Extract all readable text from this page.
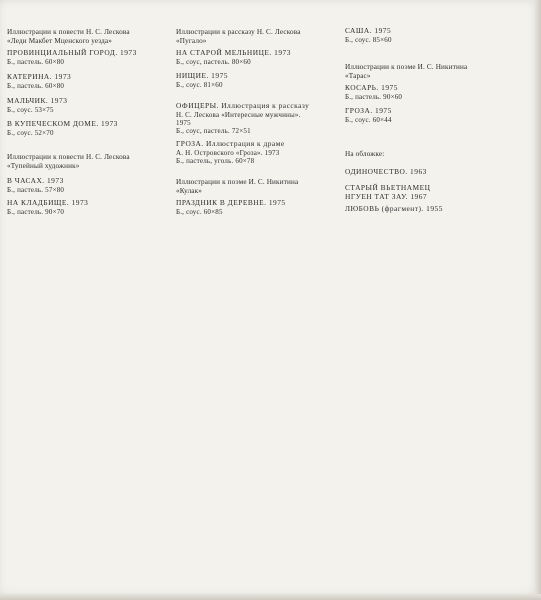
Иллюстрации к повести Н. С. Лескова
«Леди Макбет Мценского уезда»
ПРОВИНЦИАЛЬНЫЙ ГОРОД. 1973
Б., пастель. 60×80
КАТЕРИНА. 1973
Б., пастель. 60×80
МАЛЬЧИК. 1973
Б., соус. 53×75
В КУПЕЧЕСКОМ ДОМЕ. 1973
Б., соус. 52×70
Иллюстрации к повести Н. С. Лескова
«Тупейный художник»
В ЧАСАХ. 1973
Б., пастель. 57×80
НА КЛАДБИЩЕ. 1973
Б., пастель. 90×70
Иллюстрации к рассказу Н. С. Лескова
«Пугало»
НА СТАРОЙ МЕЛЬНИЦЕ. 1973
Б., соус, пастель. 80×60
НИЩИЕ. 1975
Б., соус. 81×60
ОФИЦЕРЫ. Иллюстрация к рассказу
Н. С. Лескова «Интересные мужчины».
1975
Б., соус, пастель. 72×51
ГРОЗА. Иллюстрация к драме
А. Н. Островского «Гроза». 1973
Б., пастель, уголь. 60×78
Иллюстрации к поэме И. С. Никитина
«Кулак»
ПРАЗДНИК В ДЕРЕВНЕ. 1975
Б., соус. 60×85
САША. 1975
Б., соус. 85×60
Иллюстрации к поэме И. С. Никитина
«Тарас»
КОСАРЬ. 1975
Б., пастель. 90×60
ГРОЗА. 1975
Б., соус. 60×44
На обложке:
ОДИНОЧЕСТВО. 1963
СТАРЫЙ ВЬЕТНАМЕЦ
НГУЕН ТАТ ЗАУ. 1967
ЛЮБОВЬ (фрагмент). 1955
